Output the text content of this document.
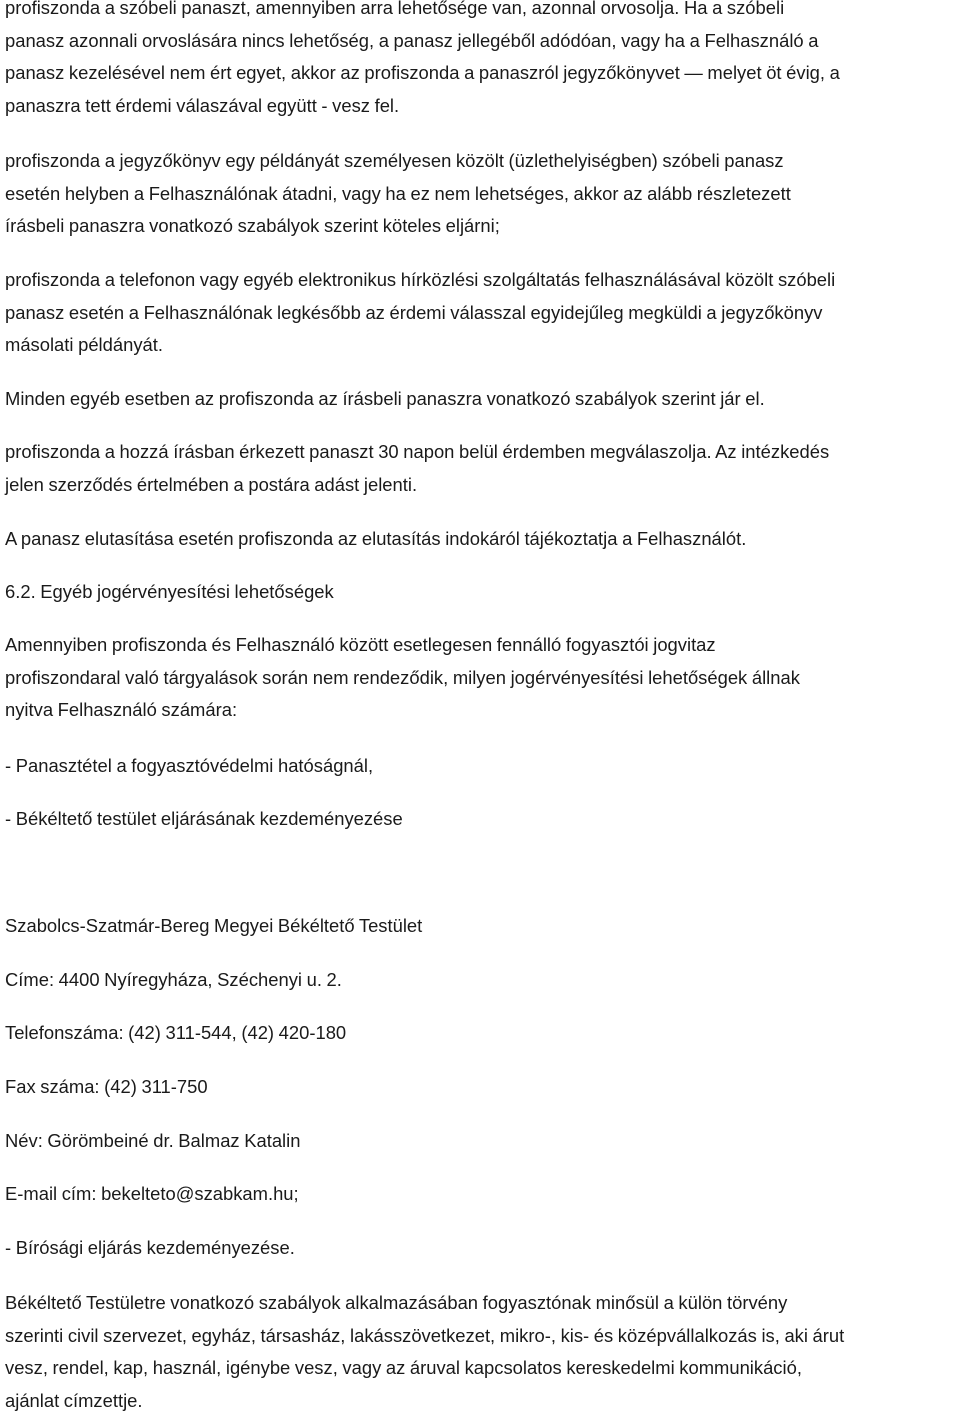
profiszonda a szóbeli panaszt, amennyiben arra lehetősége van, azonnal orvosolja. Ha a szóbeli
panasz azonnali orvoslására nincs lehetőség, a panasz jellegéből adódóan, vagy ha a Felhasználó a
panasz kezelésével nem ért egyet, akkor az profiszonda a panaszról jegyzőkönyvet — melyet öt évig, a
panaszra tett érdemi válaszával együtt - vesz fel.

profiszonda a jegyzőkönyv egy példányát személyesen közölt (üzlethelyiségben) szóbeli panasz
esetén helyben a Felhasználónak átadni, vagy ha ez nem lehetséges, akkor az alább részletezett
írásbeli panaszra vonatkozó szabályok szerint köteles eljárni;

profiszonda a telefonon vagy egyéb elektronikus hírközlési szolgáltatás felhasználásával közölt szóbeli
panasz esetén a Felhasználónak legkésőbb az érdemi válasszal egyidejűleg megküldi a jegyzőkönyv
másolati példányát.

Minden egyéb esetben az profiszonda az írásbeli panaszra vonatkozó szabályok szerint jár el.

profiszonda a hozzá írásban érkezett panaszt 30 napon belül érdemben megválaszolja. Az intézkedés
jelen szerződés értelmében a postára adást jelenti.

A panasz elutasítása esetén profiszonda az elutasítás indokáról tájékoztatja a Felhasználót.

6.2. Egyéb jogérvényesítési lehetőségek

Amennyiben profiszonda és Felhasználó között esetlegesen fennálló fogyasztói jogvitaz
profiszondaral való tárgyalások során nem rendeződik, milyen jogérvényesítési lehetőségek állnak
nyitva Felhasználó számára:

- Panasztétel a fogyasztóvédelmi hatóságnál,

- Békéltető testület eljárásának kezdeményezése

Szabolcs-Szatmár-Bereg Megyei Békéltető Testület

Címe: 4400 Nyíregyháza, Széchenyi u. 2.

Telefonszáma: (42) 311-544, (42) 420-180

Fax száma: (42) 311-750

Név: Görömbeiné dr. Balmaz Katalin

E-mail cím: bekelteto@szabkam.hu;

- Bírósági eljárás kezdeményezése.

Békéltető Testületre vonatkozó szabályok alkalmazásában fogyasztónak minősül a külön törvény
szerinti civil szervezet, egyház, társasház, lakásszövetkezet, mikro-, kis- és középvállalkozás is, aki árut
vesz, rendel, kap, használ, igénybe vesz, vagy az áruval kapcsolatos kereskedelmi kommunikáció,
ajánlat címzettje.
